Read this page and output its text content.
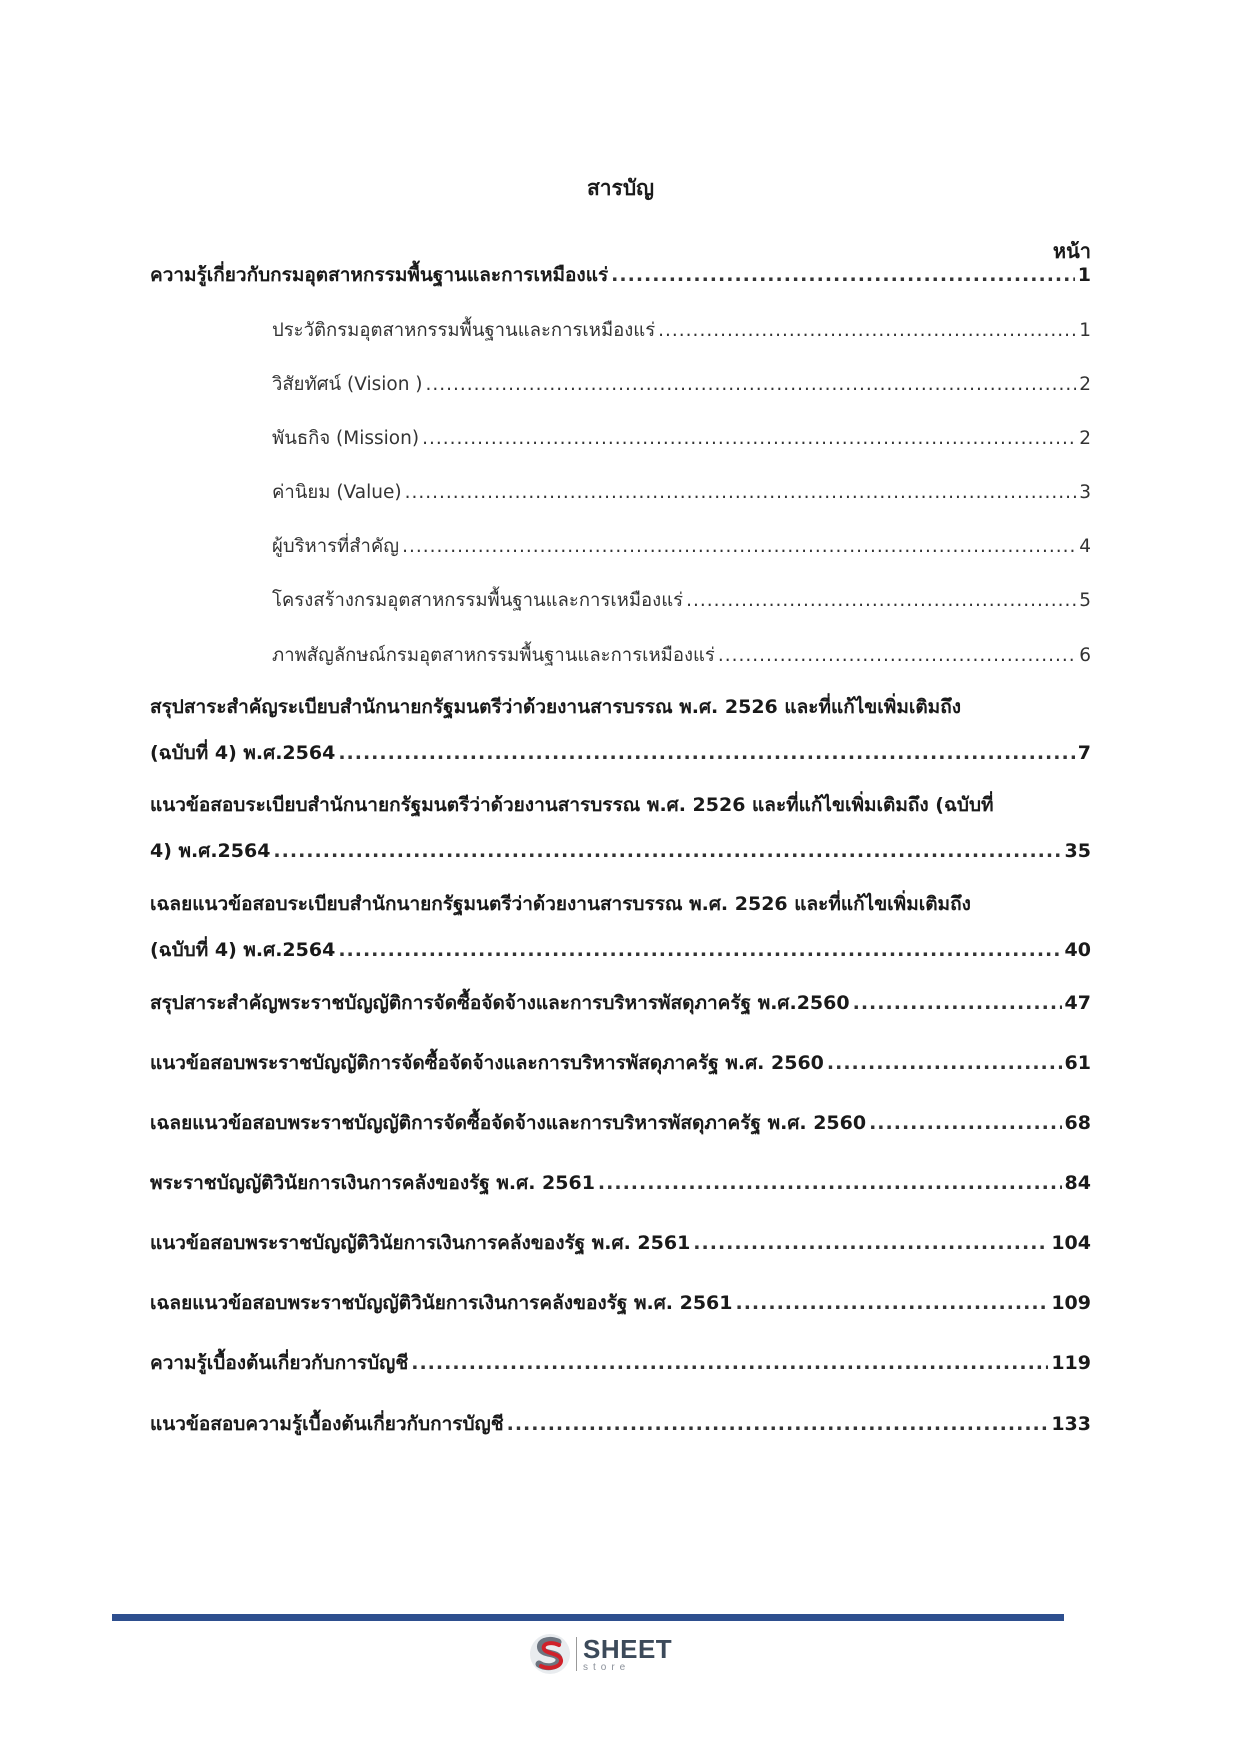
สารบัญ
หน้า
ความรู้เกี่ยวกับกรมอุตสาหกรรมพื้นฐานและการเหมืองแร่ .....	1
ประวัติกรมอุตสาหกรรมพื้นฐานและการเหมืองแร่ .....	1
วิสัยทัศน์ (Vision ) .....	2
พันธกิจ (Mission) .....	2
ค่านิยม (Value) .....	3
ผู้บริหารที่สำคัญ .....	4
โครงสร้างกรมอุตสาหกรรมพื้นฐานและการเหมืองแร่ .....	5
ภาพสัญลักษณ์กรมอุตสาหกรรมพื้นฐานและการเหมืองแร่ .....	6
สรุปสาระสำคัญระเบียบสำนักนายกรัฐมนตรีว่าด้วยงานสารบรรณ พ.ศ. 2526 และที่แก้ไขเพิ่มเติมถึง
(ฉบับที่ 4) พ.ศ.2564 .....	7
แนวข้อสอบระเบียบสำนักนายกรัฐมนตรีว่าด้วยงานสารบรรณ พ.ศ. 2526 และที่แก้ไขเพิ่มเติมถึง (ฉบับที่
4) พ.ศ.2564 .....	35
เฉลยแนวข้อสอบระเบียบสำนักนายกรัฐมนตรีว่าด้วยงานสารบรรณ พ.ศ. 2526 และที่แก้ไขเพิ่มเติมถึง
(ฉบับที่ 4) พ.ศ.2564 .....	40
สรุปสาระสำคัญพระราชบัญญัติการจัดซื้อจัดจ้างและการบริหารพัสดุภาครัฐ พ.ศ.2560 .....	47
แนวข้อสอบพระราชบัญญัติการจัดซื้อจัดจ้างและการบริหารพัสดุภาครัฐ พ.ศ. 2560 .....	61
เฉลยแนวข้อสอบพระราชบัญญัติการจัดซื้อจัดจ้างและการบริหารพัสดุภาครัฐ พ.ศ. 2560 .....	68
พระราชบัญญัติวินัยการเงินการคลังของรัฐ พ.ศ. 2561 .....	84
แนวข้อสอบพระราชบัญญัติวินัยการเงินการคลังของรัฐ พ.ศ. 2561 .....	104
เฉลยแนวข้อสอบพระราชบัญญัติวินัยการเงินการคลังของรัฐ พ.ศ. 2561 .....	109
ความรู้เบื้องต้นเกี่ยวกับการบัญชี .....	119
แนวข้อสอบความรู้เบื้องต้นเกี่ยวกับการบัญชี .....	133
SHEET
store
